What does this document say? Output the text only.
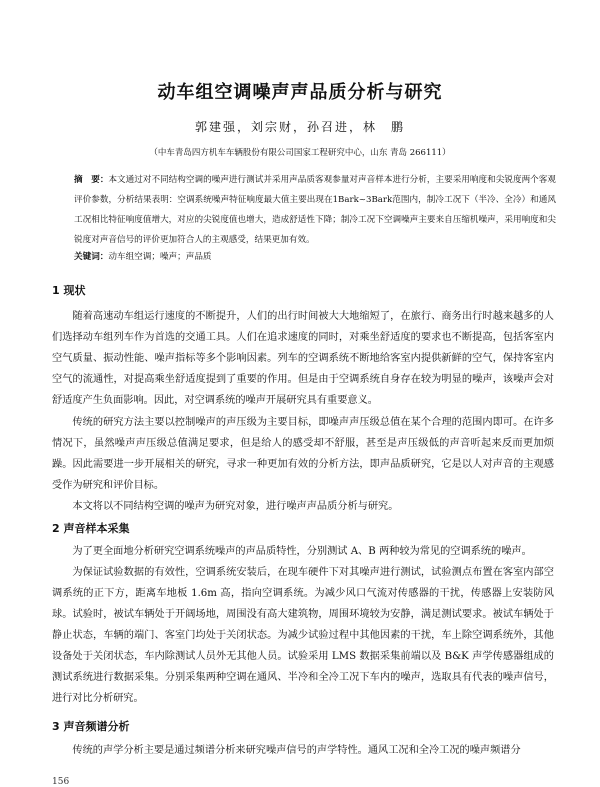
动车组空调噪声声品质分析与研究
郭建强，刘宗财，孙召进，林　鹏
（中车青岛四方机车车辆股份有限公司国家工程研究中心，山东 青岛 266111）
摘　要：本文通过对不同结构空调的噪声进行测试并采用声品质客观参量对声音样本进行分析，主要采用响度和尖锐度两个客观评价参数，分析结果表明：空调系统噪声特征响度最大值主要出现在1Bark~3Bark范围内，制冷工况下（半冷、全冷）和通风工况相比特征响度值增大，对应的尖锐度值也增大，造成舒适性下降；制冷工况下空调噪声主要来自压缩机噪声，采用响度和尖锐度对声音信号的评价更加符合人的主观感受，结果更加有效。
关键词：动车组空调；噪声；声品质
1 现状

随着高速动车组运行速度的不断提升，人们的出行时间被大大地缩短了，在旅行、商务出行时越来越多的人们选择动车组列车作为首选的交通工具。人们在追求速度的同时，对乘坐舒适度的要求也不断提高，包括客室内空气质量、振动性能、噪声指标等多个影响因素。列车的空调系统不断地给客室内提供新鲜的空气，保持客室内空气的流通性，对提高乘坐舒适度提到了重要的作用。但是由于空调系统自身存在较为明显的噪声，该噪声会对舒适度产生负面影响。因此，对空调系统的噪声开展研究具有重要意义。

传统的研究方法主要以控制噪声的声压级为主要目标，即噪声声压级总值在某个合理的范围内即可。在许多情况下，虽然噪声声压级总值满足要求，但是给人的感受却不舒服，甚至是声压级低的声音听起来反而更加烦躁。因此需要进一步开展相关的研究，寻求一种更加有效的分析方法，即声品质研究，它是以人对声音的主观感受作为研究和评价目标。

本文将以不同结构空调的噪声为研究对象，进行噪声声品质分析与研究。

2 声音样本采集

为了更全面地分析研究空调系统噪声的声品质特性，分别测试 A、B 两种较为常见的空调系统的噪声。

为保证试验数据的有效性，空调系统安装后，在现车硬件下对其噪声进行测试，试验测点布置在客室内部空调系统的正下方，距离车地板 1.6m 高，指向空调系统。为减少风口气流对传感器的干扰，传感器上安装防风球。试验时，被试车辆处于开阔场地，周围没有高大建筑物，周围环境较为安静，满足测试要求。被试车辆处于静止状态，车辆的端门、客室门均处于关闭状态。为减少试验过程中其他因素的干扰，车上除空调系统外，其他设备处于关闭状态，车内除测试人员外无其他人员。试验采用 LMS 数据采集前端以及 B&K 声学传感器组成的测试系统进行数据采集。分别采集两种空调在通风、半冷和全冷工况下车内的噪声，选取具有代表的噪声信号，进行对比分析研究。

3 声音频谱分析

传统的声学分析主要是通过频谱分析来研究噪声信号的声学特性。通风工况和全冷工况的噪声频谱分

156
